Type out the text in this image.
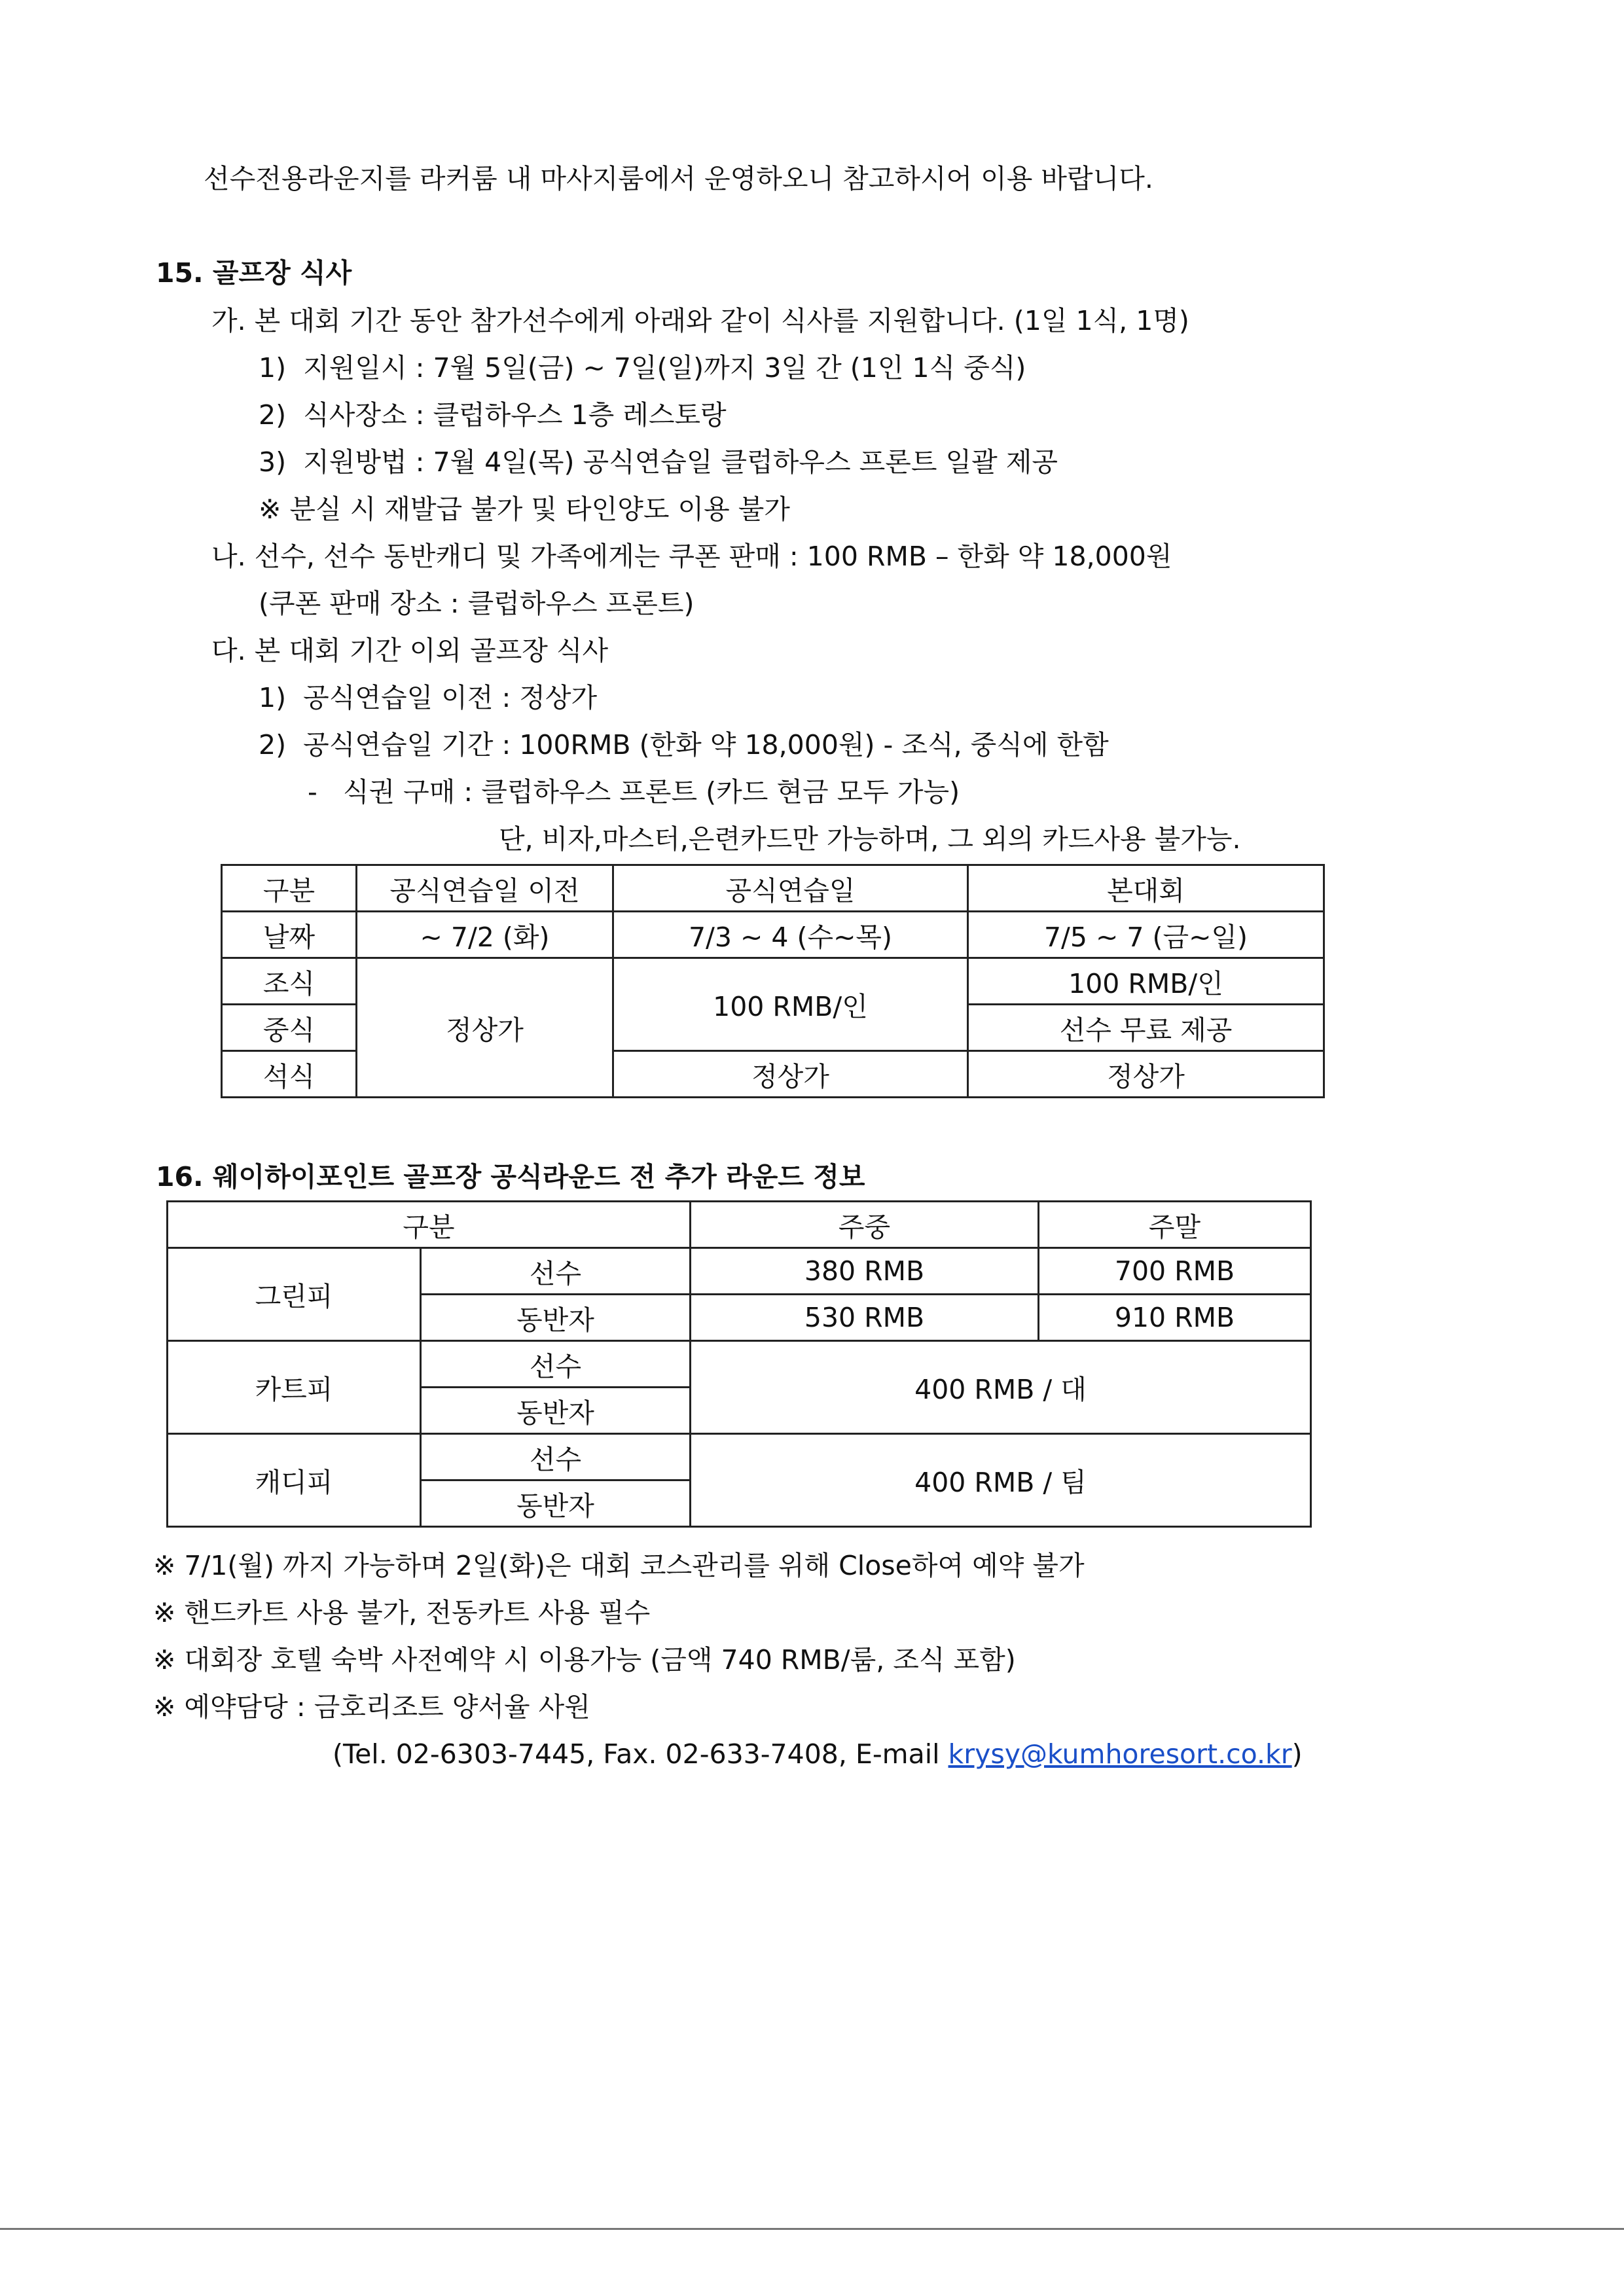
선수전용라운지를 라커룸 내 마사지룸에서 운영하오니 참고하시어 이용 바랍니다.
15. 골프장 식사
가. 본 대회 기간 동안 참가선수에게 아래와 같이 식사를 지원합니다. (1일 1식, 1명)
1)  지원일시 : 7월 5일(금) ~ 7일(일)까지 3일 간 (1인 1식 중식)
2)  식사장소 : 클럽하우스 1층 레스토랑
3)  지원방법 : 7월 4일(목) 공식연습일 클럽하우스 프론트 일괄 제공
※ 분실 시 재발급 불가 및 타인양도 이용 불가
나. 선수, 선수 동반캐디 및 가족에게는 쿠폰 판매 : 100 RMB – 한화 약 18,000원
(쿠폰 판매 장소 : 클럽하우스 프론트)
다. 본 대회 기간 이외 골프장 식사
1)  공식연습일 이전 : 정상가
2)  공식연습일 기간 : 100RMB (한화 약 18,000원) - 조식, 중식에 한함
-   식권 구매 : 클럽하우스 프론트 (카드 현금 모두 가능)
단, 비자,마스터,은련카드만 가능하며, 그 외의 카드사용 불가능.
구분	공식연습일 이전	공식연습일	본대회
날짜	~ 7/2 (화)	7/3 ~ 4 (수~목)	7/5 ~ 7 (금~일)
조식	정상가	100 RMB/인	100 RMB/인
중식			선수 무료 제공
석식		정상가	정상가
16. 웨이하이포인트 골프장 공식라운드 전 추가 라운드 정보
구분		주중	주말
그린피	선수	380 RMB	700 RMB
	동반자	530 RMB	910 RMB
카트피	선수	400 RMB / 대	
	동반자		
캐디피	선수	400 RMB / 팀	
	동반자		
※ 7/1(월) 까지 가능하며 2일(화)은 대회 코스관리를 위해 Close하여 예약 불가
※ 핸드카트 사용 불가, 전동카트 사용 필수
※ 대회장 호텔 숙박 사전예약 시 이용가능 (금액 740 RMB/룸, 조식 포함)
※ 예약담당 : 금호리조트 양서율 사원
(Tel. 02-6303-7445, Fax. 02-633-7408, E-mail krysy@kumhoresort.co.kr)
